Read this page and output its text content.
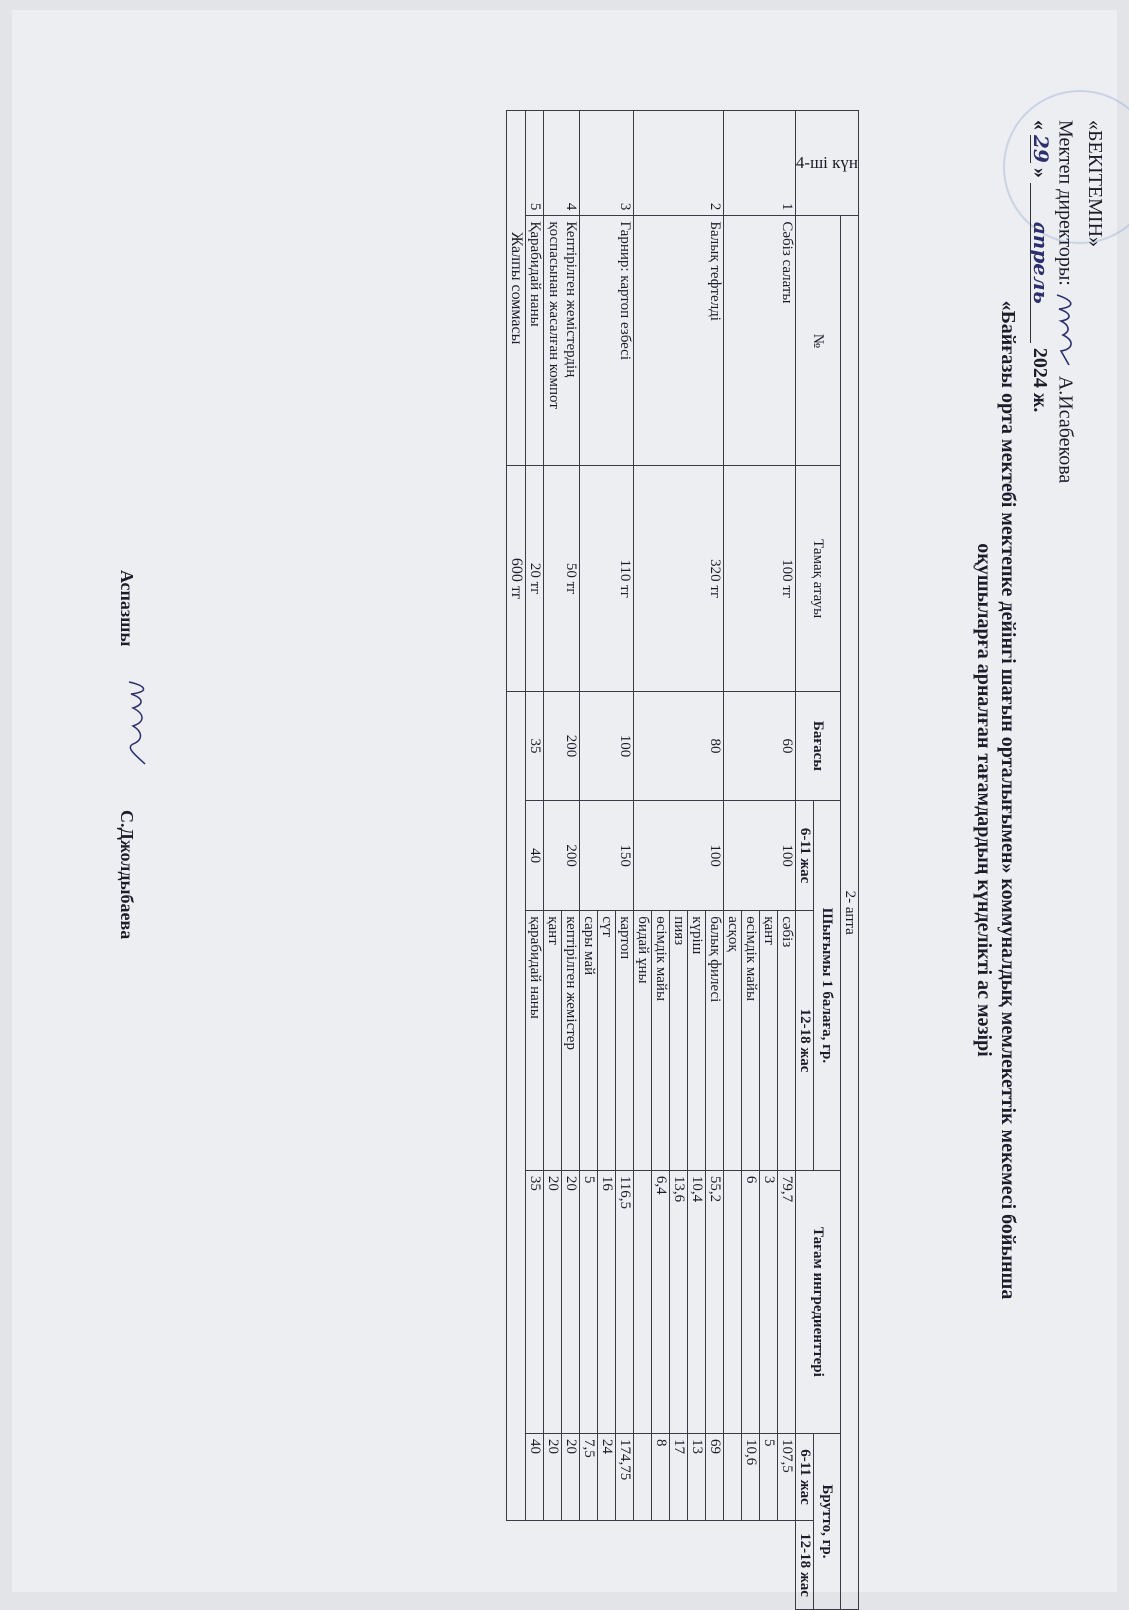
«БЕКІТЕМІН»
Мектеп директоры:  А.Исабекова
« 29 » апрель 2024 ж.
«Байғазы орта мектебі мектепке дейінгі шағын орталығымен» коммуналдық мемлекеттік мекемесі бойынша
оқушыларға арналған тағамдардың күнделікті ас мәзірі
4-ші күн	2- апта							
	№	Тамақ атауы	Бағасы	Шығымы 1 балаға, гр.		Тағам ингредиенттері	Брутто, гр.	
				6-11 жас	12-18 жас		6-11 жас	12-18 жас
1	Сәбіз салаты	100 тг	60	100	сәбіз	79,7	107,5	
					қант	3	5	
					өсімдік майы	6	10,6	
					асқоқ			
2	Балық тефтелді	320 тг	80	100	балық филесі	55,2	69	
					күріш	10,4	13	
					пияз	13,6	17	
					өсімдік майы	6,4	8	
					бидай ұны			
3	Гарнир: картоп езбесі	110 тг	100	150	картоп	116,5	174,75	
					сүт	16	24	
					сары май	5	7,5	
4	Кептірілген жемістердің
қоспасынан жасалған компот	50 тг	200	200	кептірілген жемістер	20	20	
					қант	20	20	
5	Қарабидай наны	20 тг	35	40	қарабидай наны	35	40	
Жалпы соммасы		600 тг						
Аспазшы
С.Джолдыбаева
